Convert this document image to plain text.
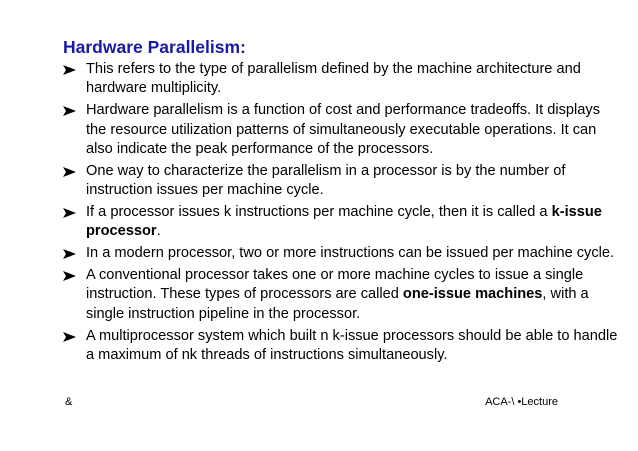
Hardware Parallelism:
This refers to the type of parallelism defined by the machine architecture and hardware multiplicity.
Hardware parallelism is a function of cost and performance tradeoffs. It displays the resource utilization patterns of simultaneously executable operations. It can also indicate the peak performance of the processors.
One way to characterize the parallelism in a processor is by the number of instruction issues per machine cycle.
If a processor issues k instructions per machine cycle, then it is called a k-issue processor.
In a modern processor, two or more instructions can be issued per machine cycle.
A conventional processor takes one or more machine cycles to issue a single instruction. These types of processors are called one-issue machines, with a single instruction pipeline in the processor.
A multiprocessor system which built n k-issue processors should be able to handle a maximum of nk threads of instructions simultaneously.
&	ACA-\ •Lecture
